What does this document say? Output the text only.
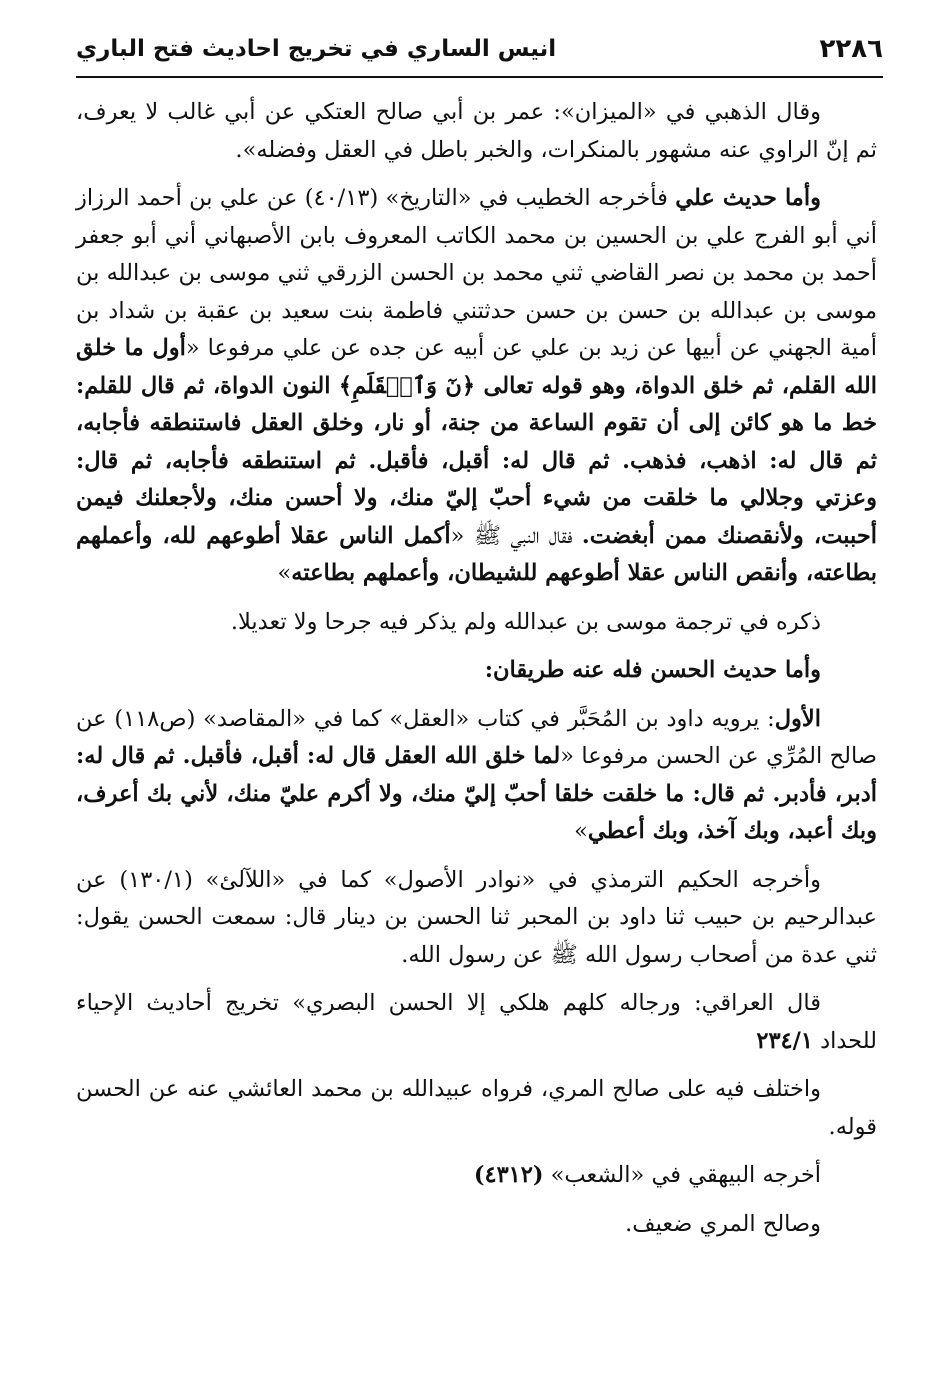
٢٢٨٦
انيس الساري في تخريج احاديث فتح الباري

وقال الذهبي في «الميزان»: عمر بن أبي صالح العتكي عن أبي غالب لا يعرف، ثم إنّ الراوي عنه مشهور بالمنكرات، والخبر باطل في العقل وفضله».

وأما حديث علي فأخرجه الخطيب في «التاريخ» (٤٠/١٣) عن علي بن أحمد الرزاز أني أبو الفرج علي بن الحسين بن محمد الكاتب المعروف بابن الأصبهاني أني أبو جعفر أحمد بن محمد بن نصر القاضي ثني محمد بن الحسن الزرقي ثني موسى بن عبدالله بن موسى بن عبدالله بن حسن بن حسن حدثتني فاطمة بنت سعيد بن عقبة بن شداد بن أمية الجهني عن أبيها عن زيد بن علي عن أبيه عن جده عن علي مرفوعا «أول ما خلق الله القلم، ثم خلق الدواة، وهو قوله تعالى ﴿نٓ وَٱلۡقَلَمِ﴾ النون الدواة، ثم قال للقلم: خط ما هو كائن إلى أن تقوم الساعة من جنة، أو نار، وخلق العقل فاستنطقه فأجابه، ثم قال له: اذهب، فذهب. ثم قال له: أقبل، فأقبل. ثم استنطقه فأجابه، ثم قال: وعزتي وجلالي ما خلقت من شيء أحبّ إليّ منك، ولا أحسن منك، ولأجعلنك فيمن أحببت، ولأنقصنك ممن أبغضت. فقال النبي ﷺ «أكمل الناس عقلا أطوعهم لله، وأعملهم بطاعته، وأنقص الناس عقلا أطوعهم للشيطان، وأعملهم بطاعته»

ذكره في ترجمة موسى بن عبدالله ولم يذكر فيه جرحا ولا تعديلا.

وأما حديث الحسن فله عنه طريقان:

الأول: يرويه داود بن المُحَبَّر في كتاب «العقل» كما في «المقاصد» (ص١١٨) عن صالح المُرِّي عن الحسن مرفوعا «لما خلق الله العقل قال له: أقبل، فأقبل. ثم قال له: أدبر، فأدبر. ثم قال: ما خلقت خلقا أحبّ إليّ منك، ولا أكرم عليّ منك، لأني بك أعرف، وبك أعبد، وبك آخذ، وبك أعطي»

وأخرجه الحكيم الترمذي في «نوادر الأصول» كما في «اللآلئ» (١٣٠/١) عن عبدالرحيم بن حبيب ثنا داود بن المحبر ثنا الحسن بن دينار قال: سمعت الحسن يقول: ثني عدة من أصحاب رسول الله ﷺ عن رسول الله.

قال العراقي: ورجاله كلهم هلكي إلا الحسن البصري» تخريج أحاديث الإحياء للحداد ٢٣٤/١

واختلف فيه على صالح المري، فرواه عبيدالله بن محمد العائشي عنه عن الحسن قوله.

أخرجه البيهقي في «الشعب» (٤٣١٢)

وصالح المري ضعيف.
